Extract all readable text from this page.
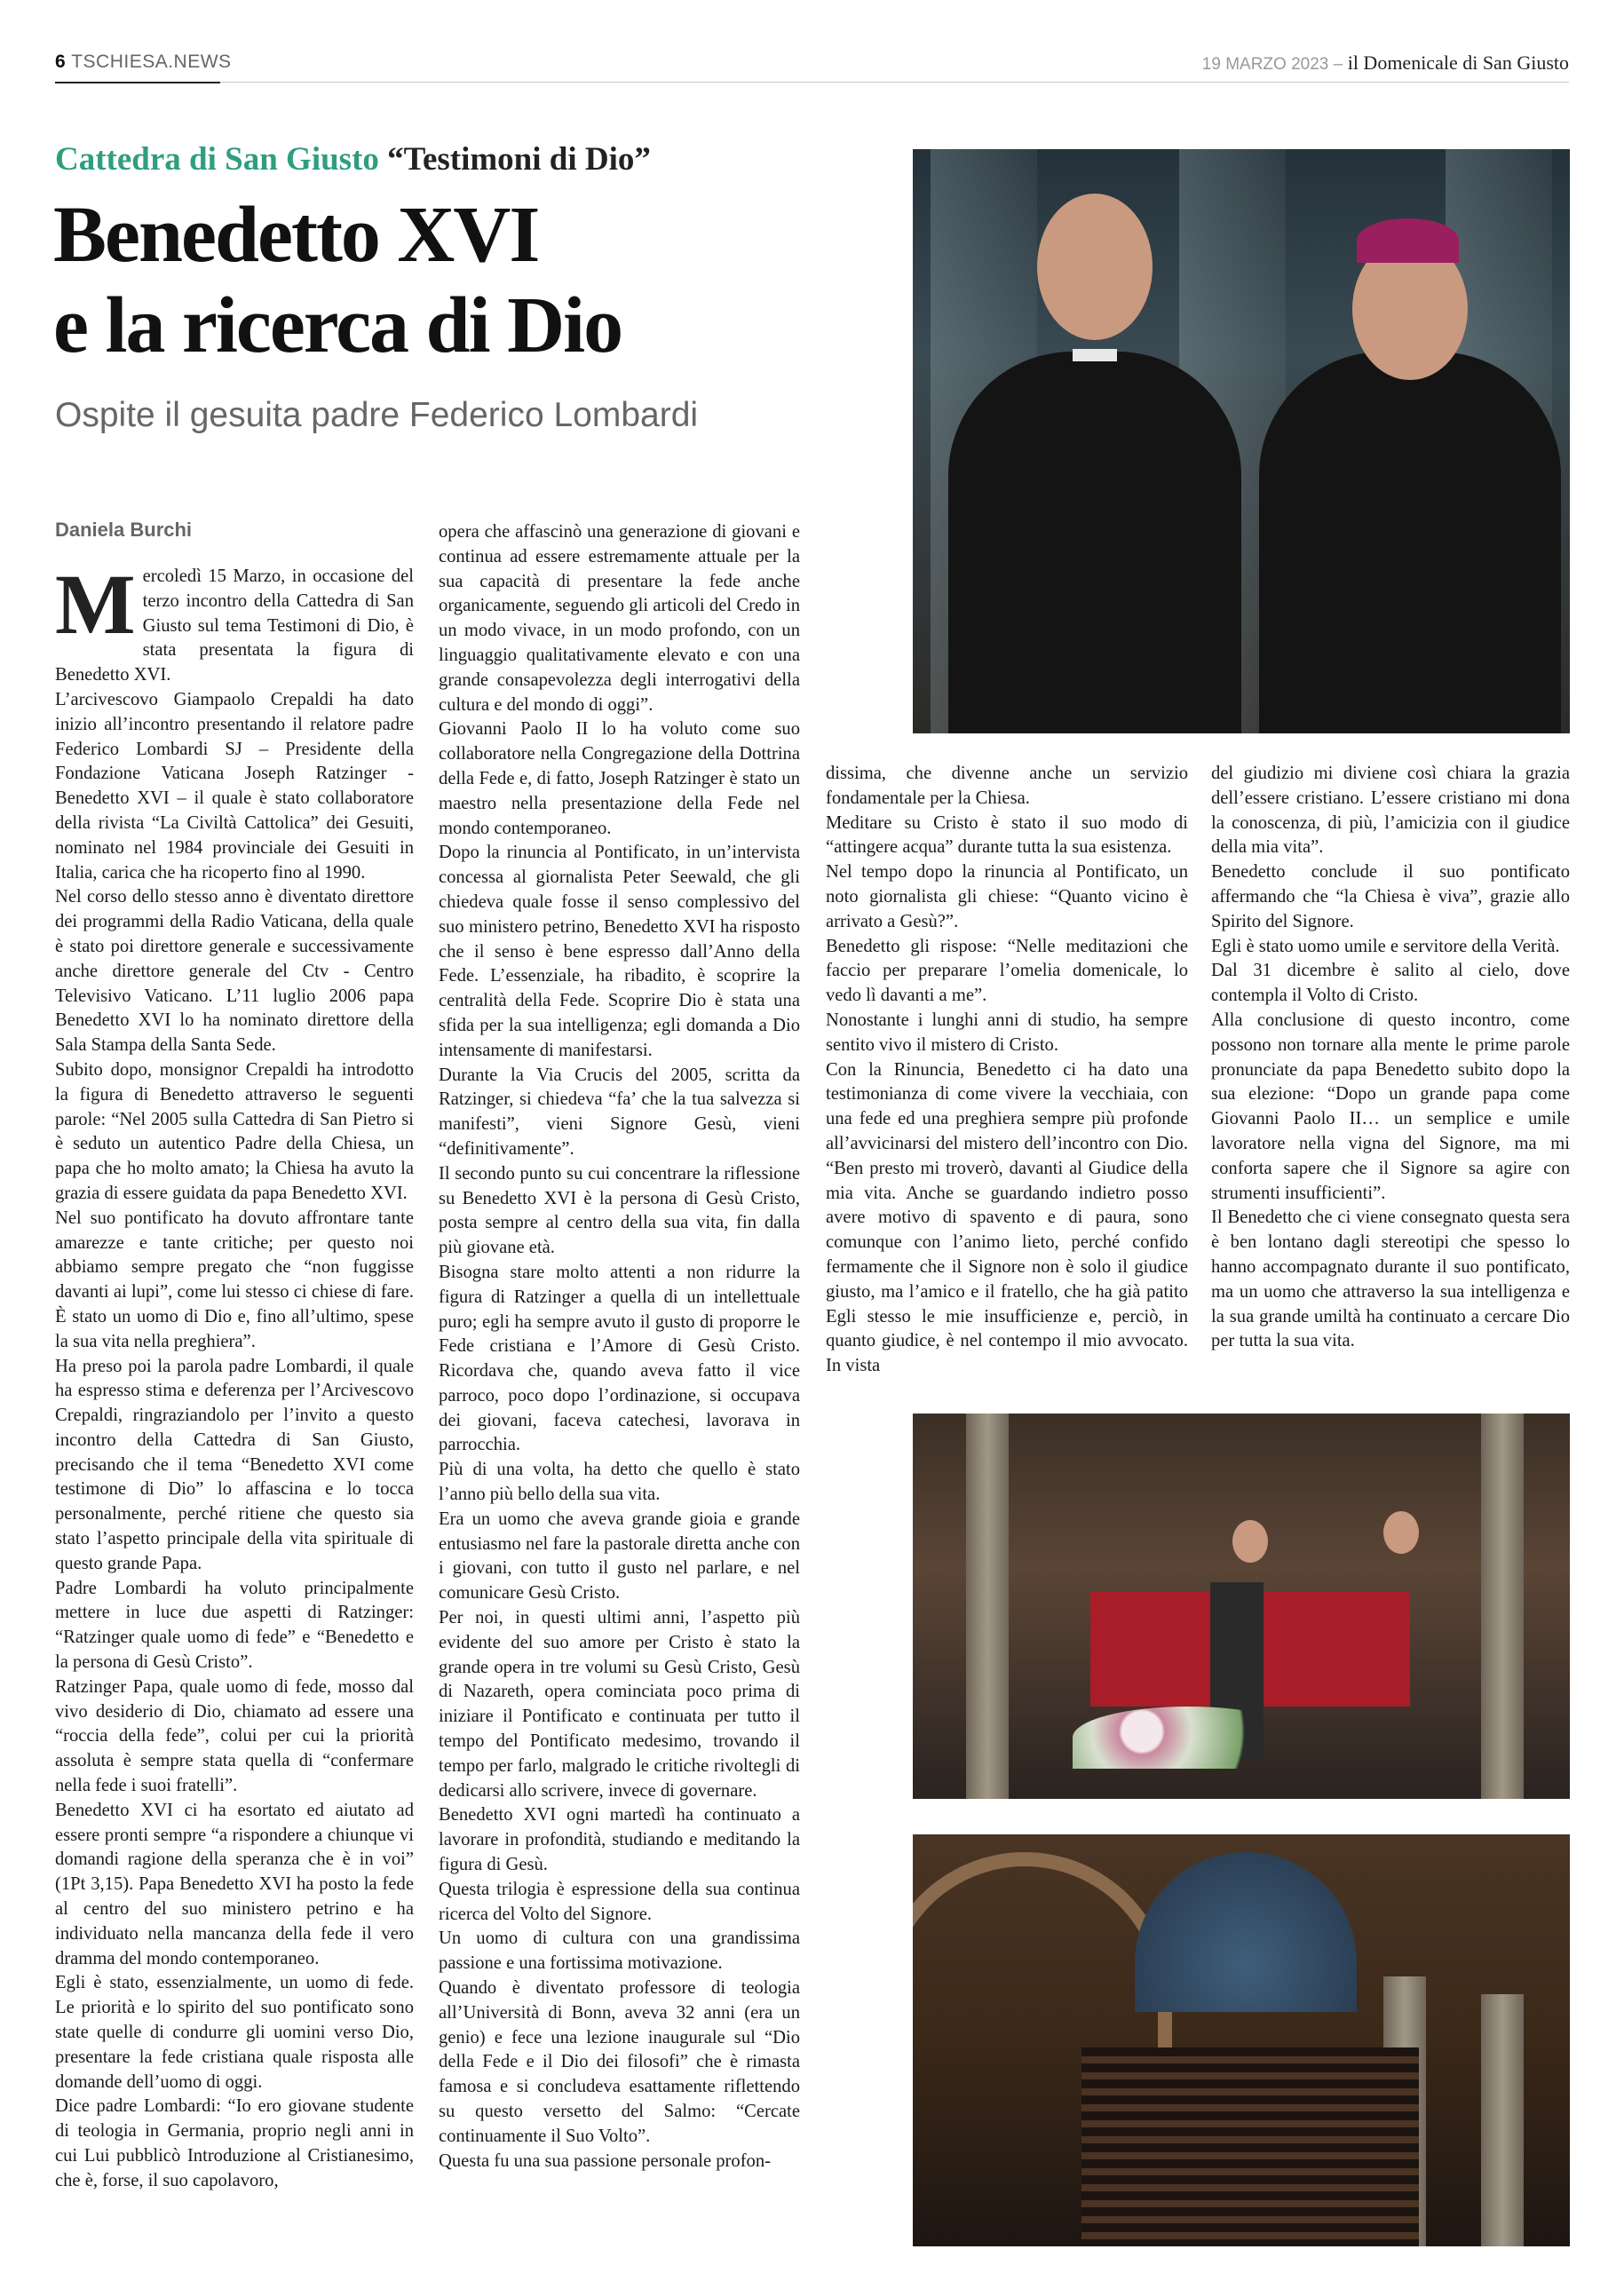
6 TSCHIESA.NEWS	19 MARZO 2023 – il Domenicale di San Giusto
Cattedra di San Giusto “Testimoni di Dio”
Benedetto XVI
e la ricerca di Dio
Ospite il gesuita padre Federico Lombardi
Daniela Burchi

Mercoledì 15 Marzo, in occasione del terzo incontro della Cattedra di San Giusto sul tema Testimoni di Dio, è stata presentata la figura di Benedetto XVI.

L’arcivescovo Giampaolo Crepaldi ha dato inizio all’incontro presentando il relatore padre Federico Lombardi SJ – Presidente della Fondazione Vaticana Joseph Ratzinger - Benedetto XVI – il quale è stato collaboratore della rivista “La Civiltà Cattolica” dei Gesuiti, nominato nel 1984 provinciale dei Gesuiti in Italia, carica che ha ricoperto fino al 1990.

Nel corso dello stesso anno è diventato direttore dei programmi della Radio Vaticana, della quale è stato poi direttore generale e successivamente anche direttore generale del Ctv - Centro Televisivo Vaticano. L’11 luglio 2006 papa Benedetto XVI lo ha nominato direttore della Sala Stampa della Santa Sede.

Subito dopo, monsignor Crepaldi ha introdotto la figura di Benedetto attraverso le seguenti parole: “Nel 2005 sulla Cattedra di San Pietro si è seduto un autentico Padre della Chiesa, un papa che ho molto amato; la Chiesa ha avuto la grazia di essere guidata da papa Benedetto XVI.

Nel suo pontificato ha dovuto affrontare tante amarezze e tante critiche; per questo noi abbiamo sempre pregato che “non fuggisse davanti ai lupi”, come lui stesso ci chiese di fare. È stato un uomo di Dio e, fino all’ultimo, spese la sua vita nella preghiera”.

Ha preso poi la parola padre Lombardi, il quale ha espresso stima e deferenza per l’Arcivescovo Crepaldi, ringraziandolo per l’invito a questo incontro della Cattedra di San Giusto, precisando che il tema “Benedetto XVI come testimone di Dio” lo affascina e lo tocca personalmente, perché ritiene che questo sia stato l’aspetto principale della vita spirituale di questo grande Papa.

Padre Lombardi ha voluto principalmente mettere in luce due aspetti di Ratzinger: “Ratzinger quale uomo di fede” e “Benedetto e la persona di Gesù Cristo”.

Ratzinger Papa, quale uomo di fede, mosso dal vivo desiderio di Dio, chiamato ad essere una “roccia della fede”, colui per cui la priorità assoluta è sempre stata quella di “confermare nella fede i suoi fratelli”.

Benedetto XVI ci ha esortato ed aiutato ad essere pronti sempre “a rispondere a chiunque vi domandi ragione della speranza che è in voi” (1Pt 3,15). Papa Benedetto XVI ha posto la fede al centro del suo ministero petrino e ha individuato nella mancanza della fede il vero dramma del mondo contemporaneo.

Egli è stato, essenzialmente, un uomo di fede. Le priorità e lo spirito del suo pontificato sono state quelle di condurre gli uomini verso Dio, presentare la fede cristiana quale risposta alle domande dell’uomo di oggi.

Dice padre Lombardi: “Io ero giovane studente di teologia in Germania, proprio negli anni in cui Lui pubblicò Introduzione al Cristianesimo, che è, forse, il suo capolavoro,

opera che affascinò una generazione di giovani e continua ad essere estremamente attuale per la sua capacità di presentare la fede anche organicamente, seguendo gli articoli del Credo in un modo vivace, in un modo profondo, con un linguaggio qualitativamente elevato e con una grande consapevolezza degli interrogativi della cultura e del mondo di oggi”.

Giovanni Paolo II lo ha voluto come suo collaboratore nella Congregazione della Dottrina della Fede e, di fatto, Joseph Ratzinger è stato un maestro nella presentazione della Fede nel mondo contemporaneo.

Dopo la rinuncia al Pontificato, in un’intervista concessa al giornalista Peter Seewald, che gli chiedeva quale fosse il senso complessivo del suo ministero petrino, Benedetto XVI ha risposto che il senso è bene espresso dall’Anno della Fede. L’essenziale, ha ribadito, è scoprire la centralità della Fede. Scoprire Dio è stata una sfida per la sua intelligenza; egli domanda a Dio intensamente di manifestarsi.

Durante la Via Crucis del 2005, scritta da Ratzinger, si chiedeva “fa’ che la tua salvezza si manifesti”, vieni Signore Gesù, vieni “definitivamente”.

Il secondo punto su cui concentrare la riflessione su Benedetto XVI è la persona di Gesù Cristo, posta sempre al centro della sua vita, fin dalla più giovane età.

Bisogna stare molto attenti a non ridurre la figura di Ratzinger a quella di un intellettuale puro; egli ha sempre avuto il gusto di proporre le Fede cristiana e l’Amore di Gesù Cristo. Ricordava che, quando aveva fatto il vice parroco, poco dopo l’ordinazione, si occupava dei giovani, faceva catechesi, lavorava in parrocchia.

Più di una volta, ha detto che quello è stato l’anno più bello della sua vita.

Era un uomo che aveva grande gioia e grande entusiasmo nel fare la pastorale diretta anche con i giovani, con tutto il gusto nel parlare, e nel comunicare Gesù Cristo.

Per noi, in questi ultimi anni, l’aspetto più evidente del suo amore per Cristo è stato la grande opera in tre volumi su Gesù Cristo, Gesù di Nazareth, opera cominciata poco prima di iniziare il Pontificato e continuata per tutto il tempo del Pontificato medesimo, trovando il tempo per farlo, malgrado le critiche rivoltegli di dedicarsi allo scrivere, invece di governare.

Benedetto XVI ogni martedì ha continuato a lavorare in profondità, studiando e meditando la figura di Gesù.

Questa trilogia è espressione della sua continua ricerca del Volto del Signore.

Un uomo di cultura con una grandissima passione e una fortissima motivazione.

Quando è diventato professore di teologia all’Università di Bonn, aveva 32 anni (era un genio) e fece una lezione inaugurale sul “Dio della Fede e il Dio dei filosofi” che è rimasta famosa e si concludeva esattamente riflettendo su questo versetto del Salmo: “Cercate continuamente il Suo Volto”.

Questa fu una sua passione personale profon-

dissima, che divenne anche un servizio fondamentale per la Chiesa.

Meditare su Cristo è stato il suo modo di “attingere acqua” durante tutta la sua esistenza.

Nel tempo dopo la rinuncia al Pontificato, un noto giornalista gli chiese: “Quanto vicino è arrivato a Gesù?”.

Benedetto gli rispose: “Nelle meditazioni che faccio per preparare l’omelia domenicale, lo vedo lì davanti a me”.

Nonostante i lunghi anni di studio, ha sempre sentito vivo il mistero di Cristo.

Con la Rinuncia, Benedetto ci ha dato una testimonianza di come vivere la vecchiaia, con una fede ed una preghiera sempre più profonde all’avvicinarsi del mistero dell’incontro con Dio. “Ben presto mi troverò, davanti al Giudice della mia vita. Anche se guardando indietro posso avere motivo di spavento e di paura, sono comunque con l’animo lieto, perché confido fermamente che il Signore non è solo il giudice giusto, ma l’amico e il fratello, che ha già patito Egli stesso le mie insufficienze e, perciò, in quanto giudice, è nel contempo il mio avvocato. In vista

del giudizio mi diviene così chiara la grazia dell’essere cristiano. L’essere cristiano mi dona la conoscenza, di più, l’amicizia con il giudice della mia vita”.

Benedetto conclude il suo pontificato affermando che “la Chiesa è viva”, grazie allo Spirito del Signore.

Egli è stato uomo umile e servitore della Verità.

Dal 31 dicembre è salito al cielo, dove contempla il Volto di Cristo.

Alla conclusione di questo incontro, come possono non tornare alla mente le prime parole pronunciate da papa Benedetto subito dopo la sua elezione: “Dopo un grande papa come Giovanni Paolo II… un semplice e umile lavoratore nella vigna del Signore, ma mi conforta sapere che il Signore sa agire con strumenti insufficienti”.

Il Benedetto che ci viene consegnato questa sera è ben lontano dagli stereotipi che spesso lo hanno accompagnato durante il suo pontificato, ma un uomo che attraverso la sua intelligenza e la sua grande umiltà ha continuato a cercare Dio per tutta la sua vita.
